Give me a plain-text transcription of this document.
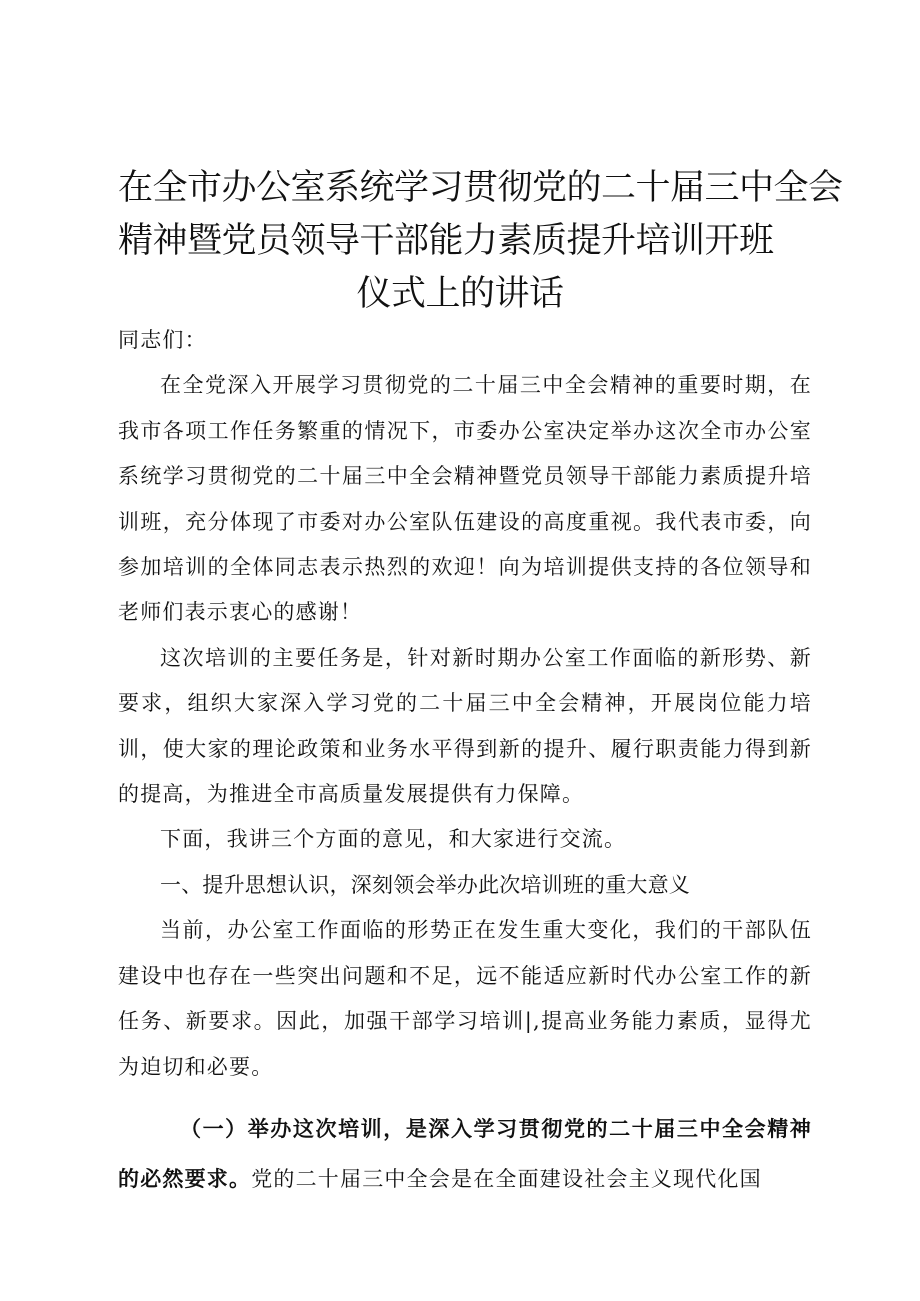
在全市办公室系统学习贯彻党的二十届三中全会
精神暨党员领导干部能力素质提升培训开班
仪式上的讲话

同志们：

在全党深入开展学习贯彻党的二十届三中全会精神的重要时期，在我市各项工作任务繁重的情况下，市委办公室决定举办这次全市办公室系统学习贯彻党的二十届三中全会精神暨党员领导干部能力素质提升培训班，充分体现了市委对办公室队伍建设的高度重视。我代表市委，向参加培训的全体同志表示热烈的欢迎！向为培训提供支持的各位领导和老师们表示衷心的感谢！

这次培训的主要任务是，针对新时期办公室工作面临的新形势、新要求，组织大家深入学习党的二十届三中全会精神，开展岗位能力培训，使大家的理论政策和业务水平得到新的提升、履行职责能力得到新的提高，为推进全市高质量发展提供有力保障。

下面，我讲三个方面的意见，和大家进行交流。

一、提升思想认识，深刻领会举办此次培训班的重大意义

当前，办公室工作面临的形势正在发生重大变化，我们的干部队伍建设中也存在一些突出问题和不足，远不能适应新时代办公室工作的新任务、新要求。因此，加强干部学习培训|,提高业务能力素质，显得尤为迫切和必要。

（一）举办这次培训，是深入学习贯彻党的二十届三中全会精神的必然要求。党的二十届三中全会是在全面建设社会主义现代化国
